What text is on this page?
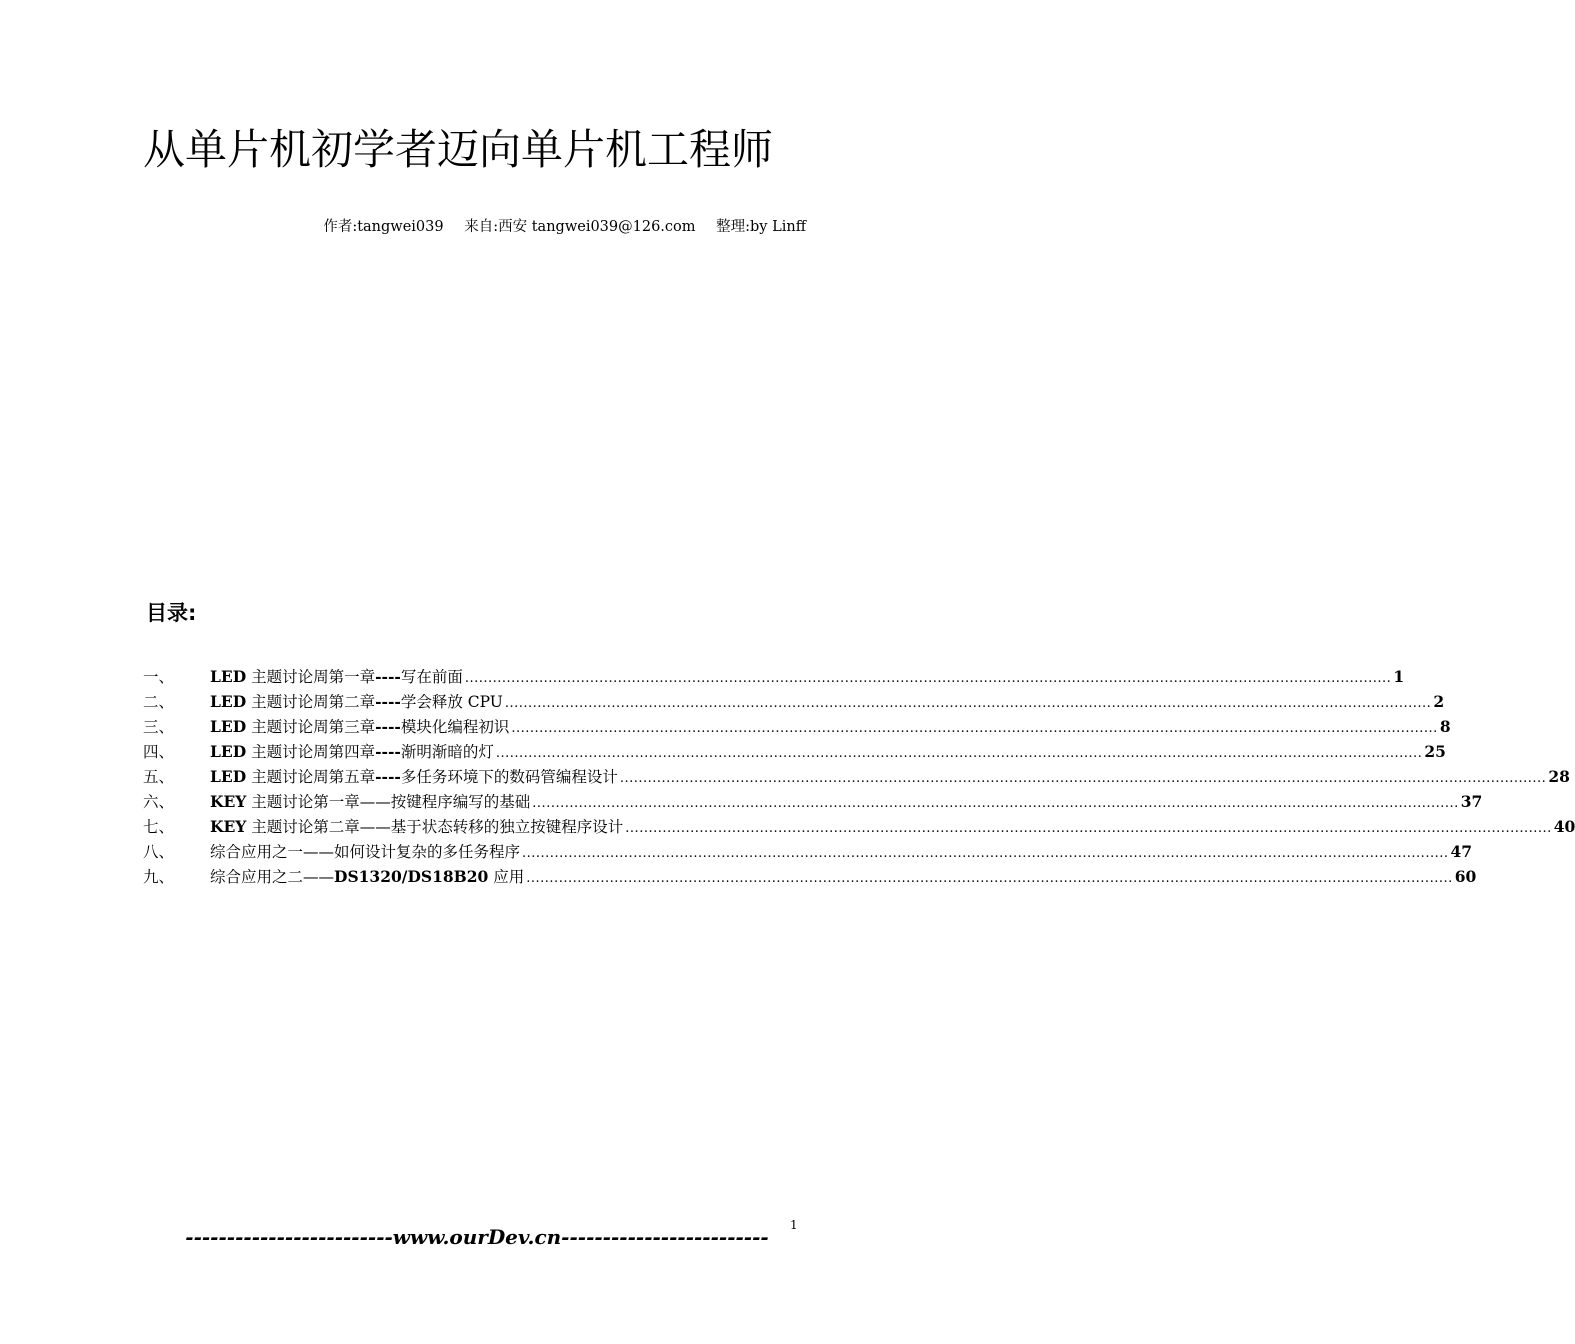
从单片机初学者迈向单片机工程师
作者:tangwei039 来自:西安 tangwei039@126.com 整理:by Linff
目录:
一、	LED 主题讨论周第一章----写在前面 ........................................................................................................................................................................................................ 1
二、	LED 主题讨论周第二章----学会释放 CPU ........................................................................................................................................................................................................ 2
三、	LED 主题讨论周第三章----模块化编程初识 ........................................................................................................................................................................................................ 8
四、	LED 主题讨论周第四章----渐明渐暗的灯 ........................................................................................................................................................................................................ 25
五、	LED 主题讨论周第五章----多任务环境下的数码管编程设计 ........................................................................................................................................................................................................ 28
六、	KEY 主题讨论第一章——按键程序编写的基础 ........................................................................................................................................................................................................ 37
七、	KEY 主题讨论第二章——基于状态转移的独立按键程序设计 ........................................................................................................................................................................................................ 40
八、	综合应用之一——如何设计复杂的多任务程序 ........................................................................................................................................................................................................ 47
九、	综合应用之二——DS1320/DS18B20 应用 ........................................................................................................................................................................................................ 60
-------------------------www.ourDev.cn-------------------------	1
